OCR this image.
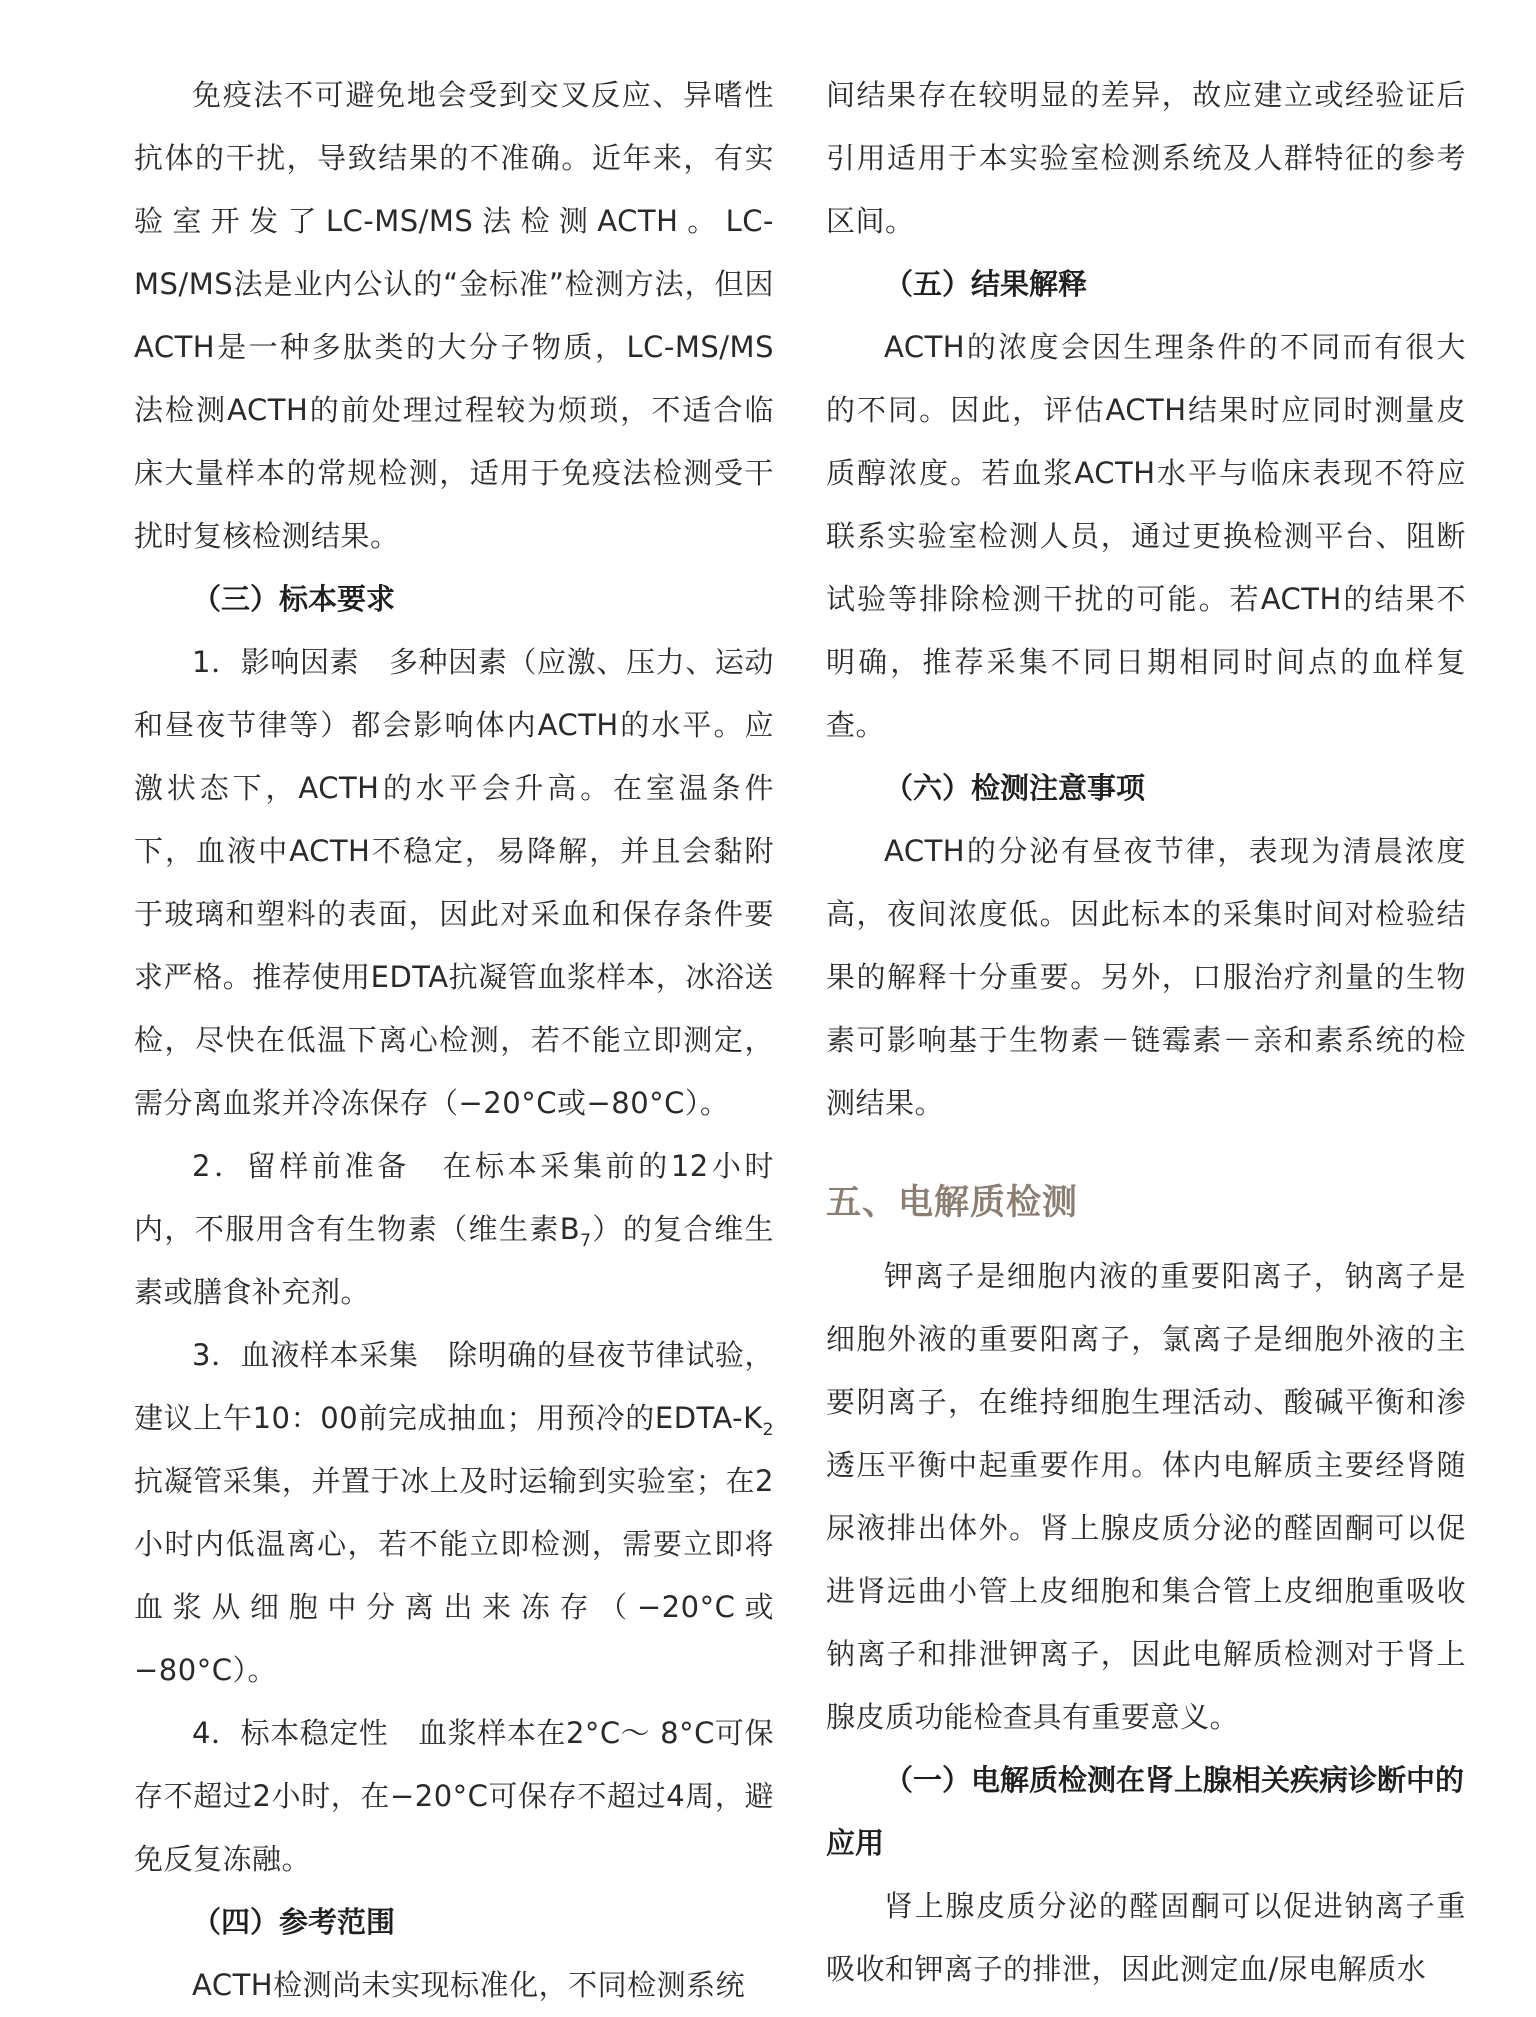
免疫法不可避免地会受到交叉反应、异嗜性抗体的干扰，导致结果的不准确。近年来，有实验室开发了LC-MS/MS法检测ACTH。LC-MS/MS法是业内公认的“金标准”检测方法，但因ACTH是一种多肽类的大分子物质，LC-MS/MS法检测ACTH的前处理过程较为烦琐，不适合临床大量样本的常规检测，适用于免疫法检测受干扰时复核检测结果。

（三）标本要求

1．影响因素　多种因素（应激、压力、运动和昼夜节律等）都会影响体内ACTH的水平。应激状态下，ACTH的水平会升高。在室温条件下，血液中ACTH不稳定，易降解，并且会黏附于玻璃和塑料的表面，因此对采血和保存条件要求严格。推荐使用EDTA抗凝管血浆样本，冰浴送检，尽快在低温下离心检测，若不能立即测定，需分离血浆并冷冻保存（−20°C或−80°C）。

2．留样前准备　在标本采集前的12小时内，不服用含有生物素（维生素$B_7$）的复合维生素或膳食补充剂。

3．血液样本采集　除明确的昼夜节律试验，建议上午10：00前完成抽血；用预冷的EDTA-$K_2$抗凝管采集，并置于冰上及时运输到实验室；在2小时内低温离心，若不能立即检测，需要立即将血浆从细胞中分离出来冻存（−20°C或−80°C）。

4．标本稳定性　血浆样本在2°C～ 8°C可保存不超过2小时，在−20°C可保存不超过4周，避免反复冻融。

（四）参考范围

ACTH检测尚未实现标准化，不同检测系统

间结果存在较明显的差异，故应建立或经验证后引用适用于本实验室检测系统及人群特征的参考区间。

（五）结果解释

ACTH的浓度会因生理条件的不同而有很大的不同。因此，评估ACTH结果时应同时测量皮质醇浓度。若血浆ACTH水平与临床表现不符应联系实验室检测人员，通过更换检测平台、阻断试验等排除检测干扰的可能。若ACTH的结果不明确，推荐采集不同日期相同时间点的血样复查。

（六）检测注意事项

ACTH的分泌有昼夜节律，表现为清晨浓度高，夜间浓度低。因此标本的采集时间对检验结果的解释十分重要。另外，口服治疗剂量的生物素可影响基于生物素－链霉素－亲和素系统的检测结果。

五、电解质检测

钾离子是细胞内液的重要阳离子，钠离子是细胞外液的重要阳离子，氯离子是细胞外液的主要阴离子，在维持细胞生理活动、酸碱平衡和渗透压平衡中起重要作用。体内电解质主要经肾随尿液排出体外。肾上腺皮质分泌的醛固酮可以促进肾远曲小管上皮细胞和集合管上皮细胞重吸收钠离子和排泄钾离子，因此电解质检测对于肾上腺皮质功能检查具有重要意义。

（一）电解质检测在肾上腺相关疾病诊断中的应用

肾上腺皮质分泌的醛固酮可以促进钠离子重吸收和钾离子的排泄，因此测定血/尿电解质水
